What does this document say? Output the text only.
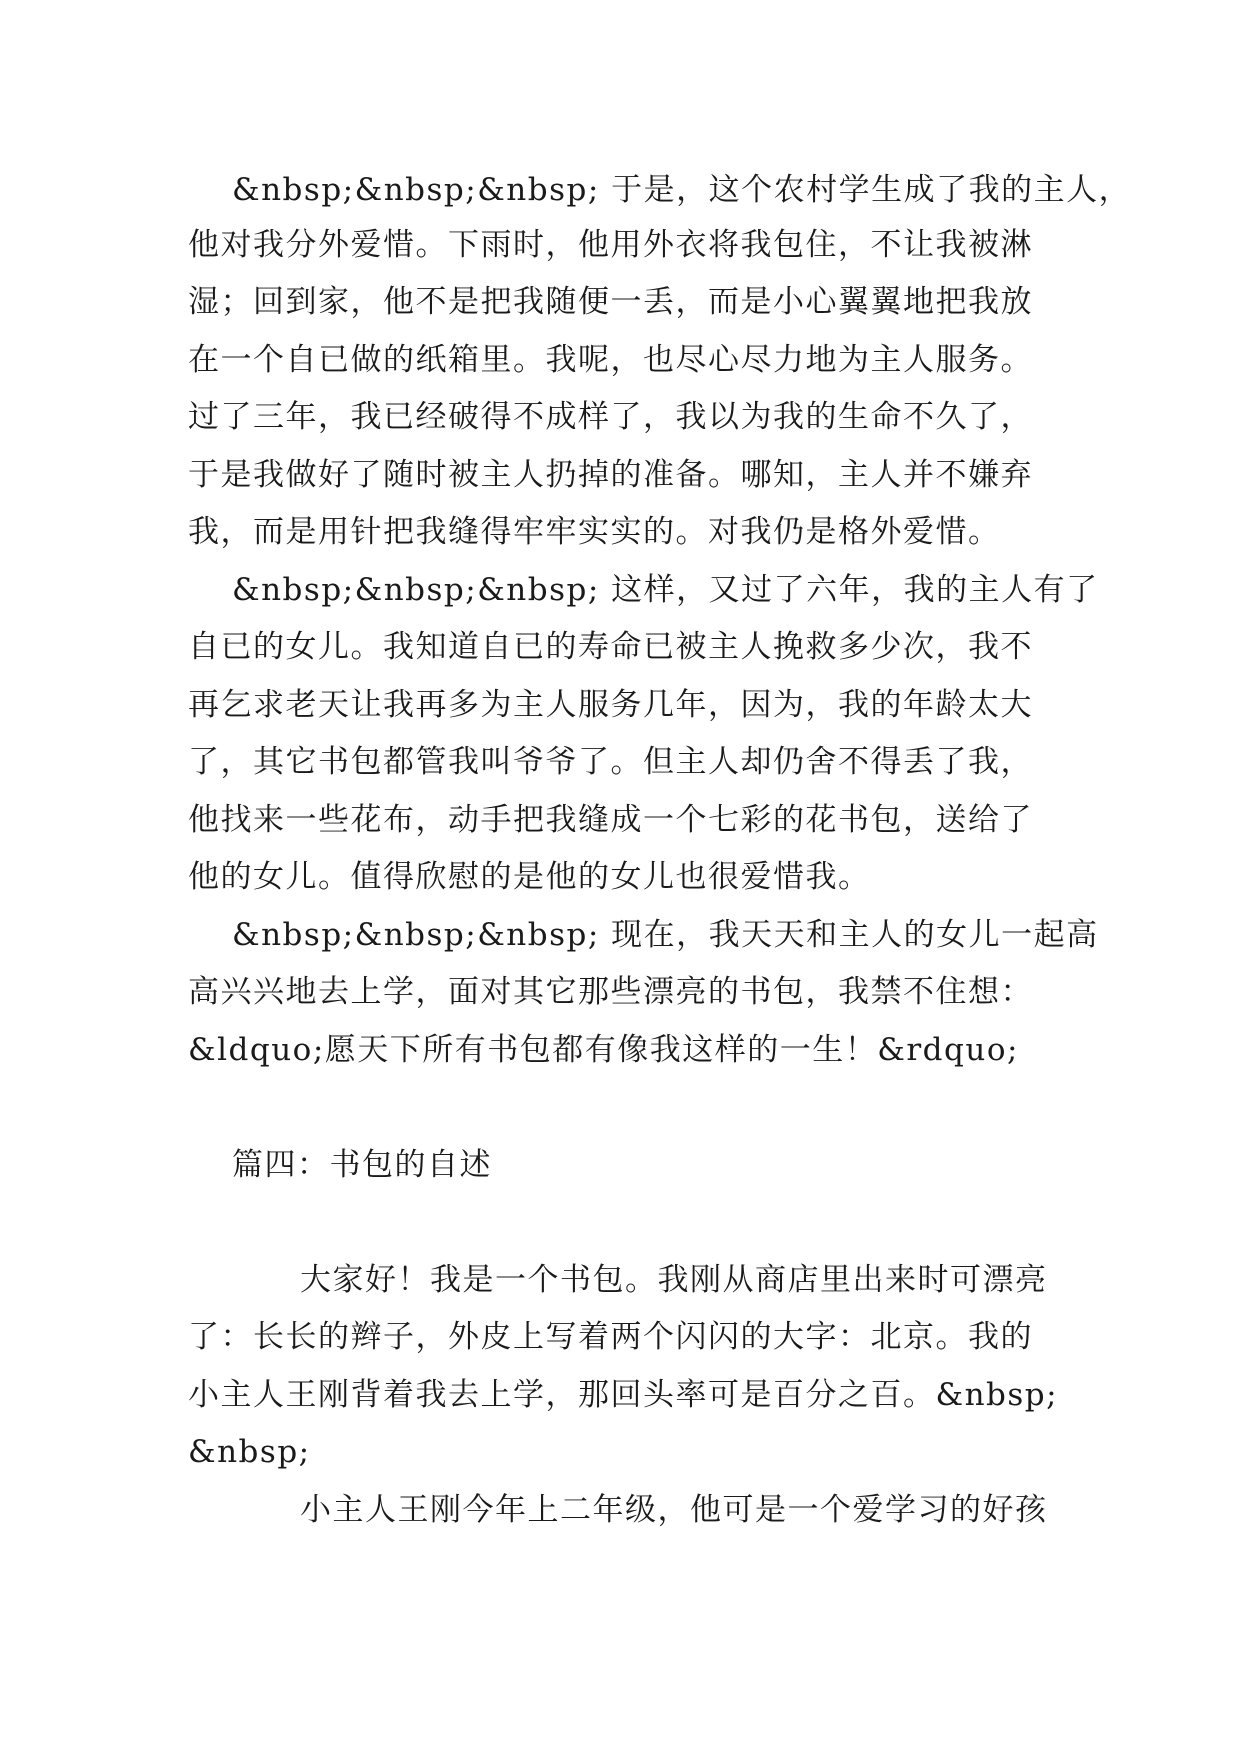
&nbsp;&nbsp;&nbsp; 于是，这个农村学生成了我的主人，
他对我分外爱惜。下雨时，他用外衣将我包住，不让我被淋
湿；回到家，他不是把我随便一丢，而是小心翼翼地把我放
在一个自已做的纸箱里。我呢，也尽心尽力地为主人服务。
过了三年，我已经破得不成样了，我以为我的生命不久了，
于是我做好了随时被主人扔掉的准备。哪知，主人并不嫌弃
我，而是用针把我缝得牢牢实实的。对我仍是格外爱惜。
&nbsp;&nbsp;&nbsp; 这样，又过了六年，我的主人有了
自已的女儿。我知道自已的寿命已被主人挽救多少次，我不
再乞求老天让我再多为主人服务几年，因为，我的年龄太大
了，其它书包都管我叫爷爷了。但主人却仍舍不得丢了我，
他找来一些花布，动手把我缝成一个七彩的花书包，送给了
他的女儿。值得欣慰的是他的女儿也很爱惜我。
&nbsp;&nbsp;&nbsp; 现在，我天天和主人的女儿一起高
高兴兴地去上学，面对其它那些漂亮的书包，我禁不住想：
&ldquo;愿天下所有书包都有像我这样的一生！&rdquo;
篇四：书包的自述
大家好！我是一个书包。我刚从商店里出来时可漂亮
了：长长的辫子，外皮上写着两个闪闪的大字：北京。我的
小主人王刚背着我去上学，那回头率可是百分之百。&nbsp;
&nbsp;
小主人王刚今年上二年级，他可是一个爱学习的好孩
